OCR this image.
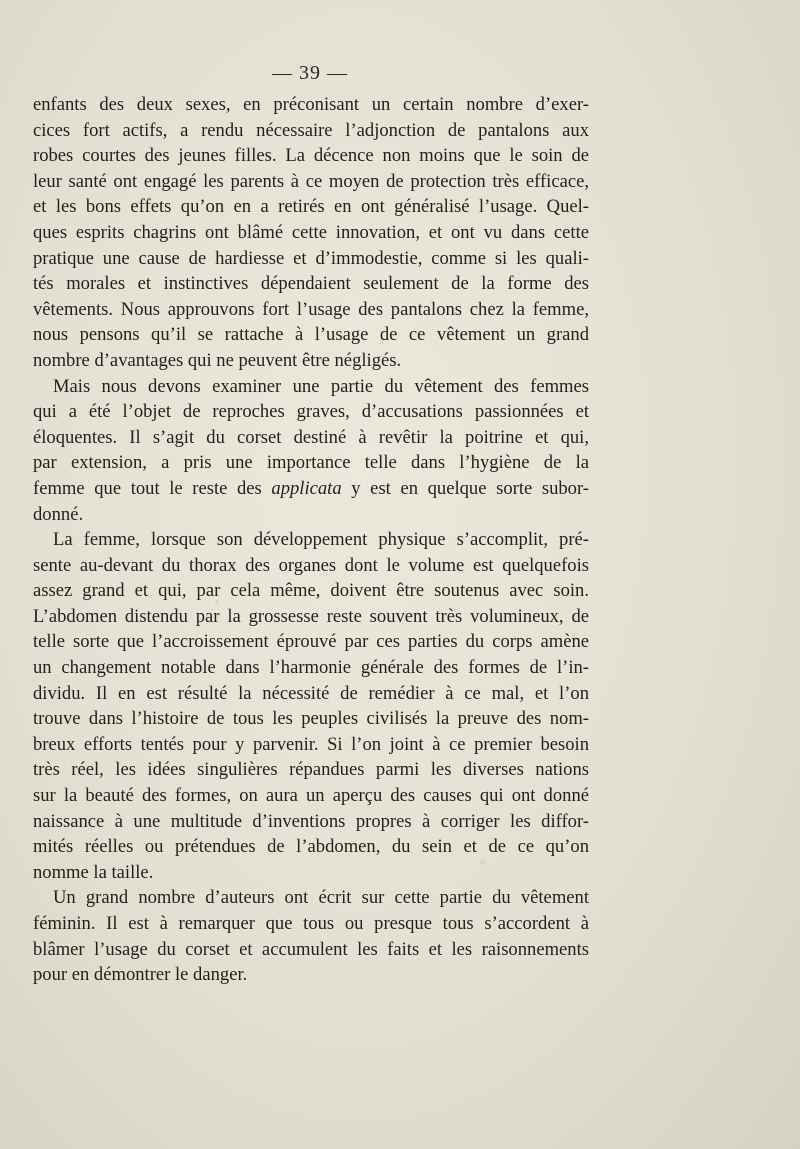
— 39 —

enfants des deux sexes, en préconisant un certain nombre d’exer-
cices fort actifs, a rendu nécessaire l’adjonction de pantalons aux
robes courtes des jeunes filles. La décence non moins que le soin de
leur santé ont engagé les parents à ce moyen de protection très efficace,
et les bons effets qu’on en a retirés en ont généralisé l’usage. Quel-
ques esprits chagrins ont blâmé cette innovation, et ont vu dans cette
pratique une cause de hardiesse et d’immodestie, comme si les quali-
tés morales et instinctives dépendaient seulement de la forme des
vêtements. Nous approuvons fort l’usage des pantalons chez la femme,
nous pensons qu’il se rattache à l’usage de ce vêtement un grand
nombre d’avantages qui ne peuvent être négligés.

Mais nous devons examiner une partie du vêtement des femmes
qui a été l’objet de reproches graves, d’accusations passionnées et
éloquentes. Il s’agit du corset destiné à revêtir la poitrine et qui,
par extension, a pris une importance telle dans l’hygiène de la
femme que tout le reste des applicata y est en quelque sorte subor-
donné.

La femme, lorsque son développement physique s’accomplit, pré-
sente au-devant du thorax des organes dont le volume est quelquefois
assez grand et qui, par cela même, doivent être soutenus avec soin.
L’abdomen distendu par la grossesse reste souvent très volumineux, de
telle sorte que l’accroissement éprouvé par ces parties du corps amène
un changement notable dans l’harmonie générale des formes de l’in-
dividu. Il en est résulté la nécessité de remédier à ce mal, et l’on
trouve dans l’histoire de tous les peuples civilisés la preuve des nom-
breux efforts tentés pour y parvenir. Si l’on joint à ce premier besoin
très réel, les idées singulières répandues parmi les diverses nations
sur la beauté des formes, on aura un aperçu des causes qui ont donné
naissance à une multitude d’inventions propres à corriger les diffor-
mités réelles ou prétendues de l’abdomen, du sein et de ce qu’on
nomme la taille.

Un grand nombre d’auteurs ont écrit sur cette partie du vêtement
féminin. Il est à remarquer que tous ou presque tous s’accordent à
blâmer l’usage du corset et accumulent les faits et les raisonnements
pour en démontrer le danger.
